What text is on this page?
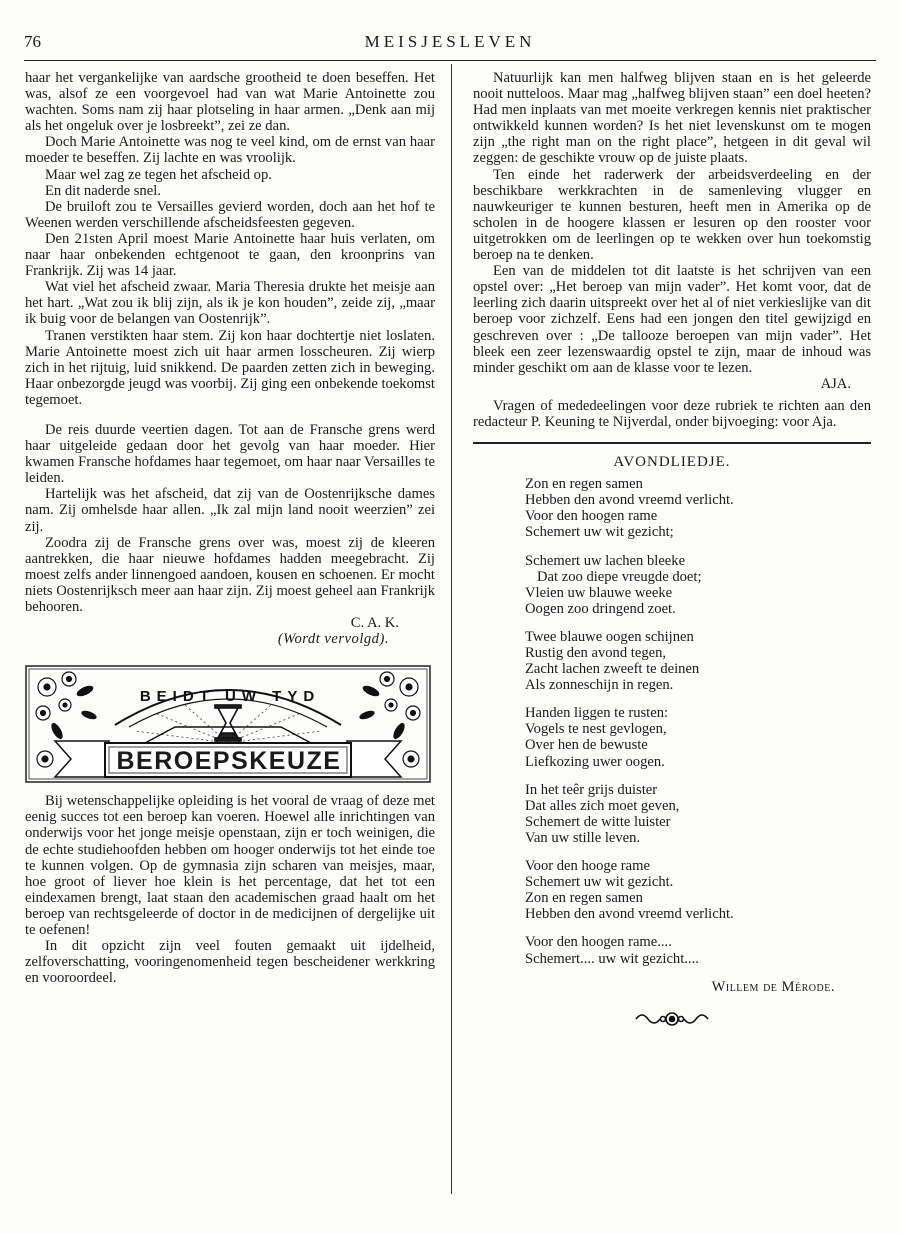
76	MEISJESLEVEN

haar het vergankelijke van aardsche grootheid te doen beseffen. Het was, alsof ze een voorgevoel had van wat Marie Antoinette zou wachten. Soms nam zij haar plotseling in haar armen. „Denk aan mij als het ongeluk over je losbreekt”, zei ze dan.

Doch Marie Antoinette was nog te veel kind, om de ernst van haar moeder te beseffen. Zij lachte en was vroolijk.

Maar wel zag ze tegen het afscheid op.

En dit naderde snel.

De bruiloft zou te Versailles gevierd worden, doch aan het hof te Weenen werden verschillende afscheidsfeesten gegeven.

Den 21sten April moest Marie Antoinette haar huis verlaten, om naar haar onbekenden echtgenoot te gaan, den kroonprins van Frankrijk. Zij was 14 jaar.

Wat viel het afscheid zwaar. Maria Theresia drukte het meisje aan het hart. „Wat zou ik blij zijn, als ik je kon houden”, zeide zij, „maar ik buig voor de belangen van Oostenrijk”.

Tranen verstikten haar stem. Zij kon haar dochtertje niet loslaten. Marie Antoinette moest zich uit haar armen losscheuren. Zij wierp zich in het rijtuig, luid snikkend. De paarden zetten zich in beweging. Haar onbezorgde jeugd was voorbij. Zij ging een onbekende toekomst tegemoet.

De reis duurde veertien dagen. Tot aan de Fransche grens werd haar uitgeleide gedaan door het gevolg van haar moeder. Hier kwamen Fransche hofdames haar tegemoet, om haar naar Versailles te leiden.

Hartelijk was het afscheid, dat zij van de Oostenrijksche dames nam. Zij omhelsde haar allen. „Ik zal mijn land nooit weerzien” zei zij.

Zoodra zij de Fransche grens over was, moest zij de kleeren aantrekken, die haar nieuwe hofdames hadden meegebracht. Zij moest zelfs ander linnengoed aandoen, kousen en schoenen. Er mocht niets Oostenrijksch meer aan haar zijn. Zij moest geheel aan Frankrijk behooren.

C. A. K.
(Wordt vervolgd).
BEIDT UW TYD
BEROEPSKEUZE

Bij wetenschappelijke opleiding is het vooral de vraag of deze met eenig succes tot een beroep kan voeren. Hoewel alle inrichtingen van onderwijs voor het jonge meisje openstaan, zijn er toch weinigen, die de echte studiehoofden hebben om hooger onderwijs tot het einde toe te kunnen volgen. Op de gymnasia zijn scharen van meisjes, maar, hoe groot of liever hoe klein is het percentage, dat het tot een eindexamen brengt, laat staan den academischen graad haalt om het beroep van rechtsgeleerde of doctor in de medicijnen of dergelijke uit te oefenen!

In dit opzicht zijn veel fouten gemaakt uit ijdelheid, zelfoverschatting, vooringenomenheid tegen bescheidener werkkring en vooroordeel.

Natuurlijk kan men halfweg blijven staan en is het geleerde nooit nutteloos. Maar mag „halfweg blijven staan” een doel heeten? Had men inplaats van met moeite verkregen kennis niet praktischer ontwikkeld kunnen worden? Is het niet levenskunst om te mogen zijn „the right man on the right place”, hetgeen in dit geval wil zeggen: de geschikte vrouw op de juiste plaats.

Ten einde het raderwerk der arbeidsverdeeling en der beschikbare werkkrachten in de samenleving vlugger en nauwkeuriger te kunnen besturen, heeft men in Amerika op de scholen in de hoogere klassen er lesuren op den rooster voor uitgetrokken om de leerlingen op te wekken over hun toekomstig beroep na te denken.

Een van de middelen tot dit laatste is het schrijven van een opstel over: „Het beroep van mijn vader”. Het komt voor, dat de leerling zich daarin uitspreekt over het al of niet verkieslijke van dit beroep voor zichzelf. Eens had een jongen den titel gewijzigd en geschreven over : „De tallooze beroepen van mijn vader”. Het bleek een zeer lezenswaardig opstel te zijn, maar de inhoud was minder geschikt om aan de klasse voor te lezen.

AJA.

Vragen of mededeelingen voor deze rubriek te richten aan den redacteur P. Keuning te Nijverdal, onder bijvoeging: voor Aja.

AVONDLIEDJE.
Zon en regen samen
Hebben den avond vreemd verlicht.
Voor den hoogen rame
Schemert uw wit gezicht;
Schemert uw lachen bleeke
Dat zoo diepe vreugde doet;
Vleien uw blauwe weeke
Oogen zoo dringend zoet.
Twee blauwe oogen schijnen
Rustig den avond tegen,
Zacht lachen zweeft te deinen
Als zonneschijn in regen.
Handen liggen te rusten:
Vogels te nest gevlogen,
Over hen de bewuste
Liefkozing uwer oogen.
In het teêr grijs duister
Dat alles zich moet geven,
Schemert de witte luister
Van uw stille leven.
Voor den hooge rame
Schemert uw wit gezicht.
Zon en regen samen
Hebben den avond vreemd verlicht.
Voor den hoogen rame....
Schemert.... uw wit gezicht....
Willem de Mérode.
